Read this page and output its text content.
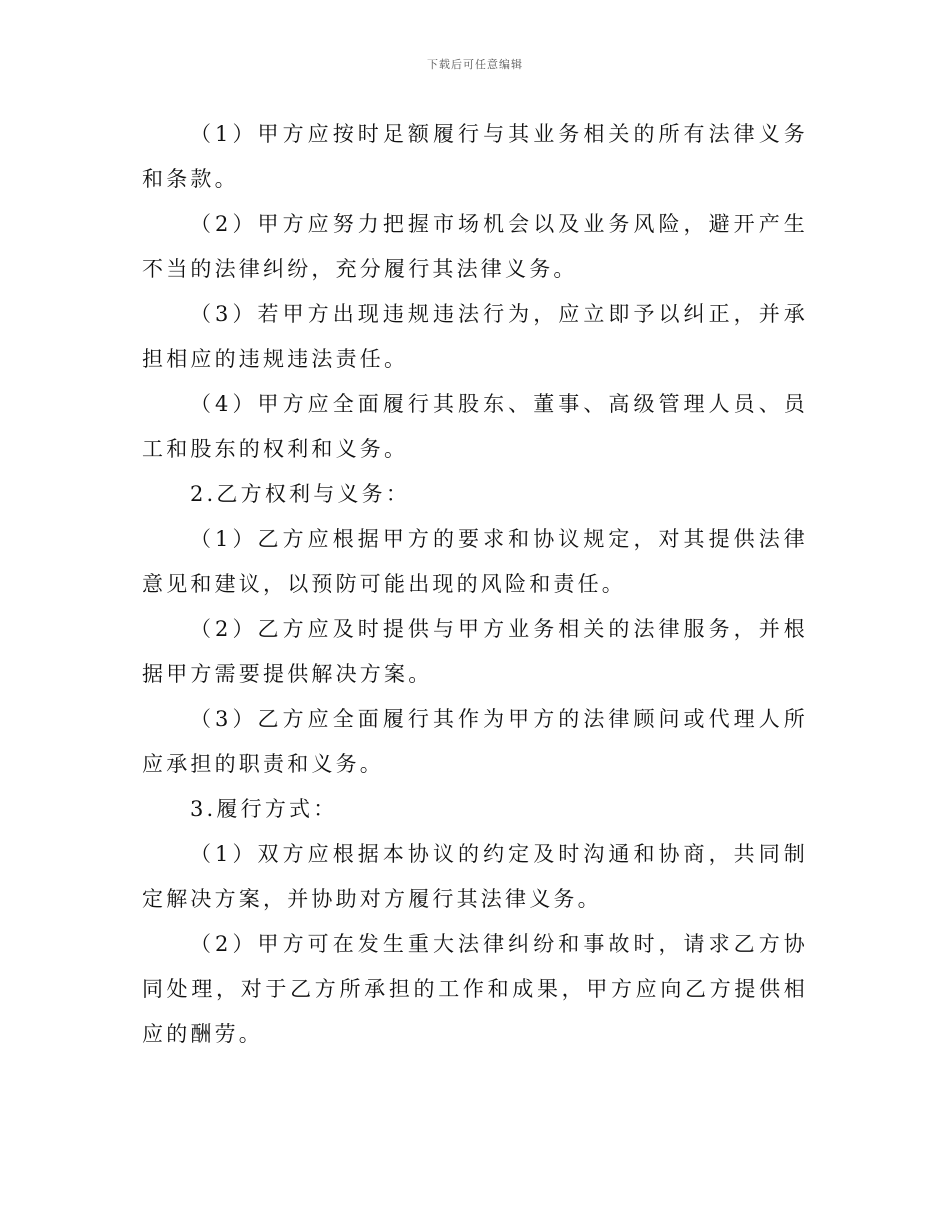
下载后可任意编辑

（1）甲方应按时足额履行与其业务相关的所有法律义务和条款。

（2）甲方应努力把握市场机会以及业务风险，避开产生不当的法律纠纷，充分履行其法律义务。

（3）若甲方出现违规违法行为，应立即予以纠正，并承担相应的违规违法责任。

（4）甲方应全面履行其股东、董事、高级管理人员、员工和股东的权利和义务。

2.乙方权利与义务：

（1）乙方应根据甲方的要求和协议规定，对其提供法律意见和建议，以预防可能出现的风险和责任。

（2）乙方应及时提供与甲方业务相关的法律服务，并根据甲方需要提供解决方案。

（3）乙方应全面履行其作为甲方的法律顾问或代理人所应承担的职责和义务。

3.履行方式：

（1）双方应根据本协议的约定及时沟通和协商，共同制定解决方案，并协助对方履行其法律义务。

（2）甲方可在发生重大法律纠纷和事故时，请求乙方协同处理，对于乙方所承担的工作和成果，甲方应向乙方提供相应的酬劳。
